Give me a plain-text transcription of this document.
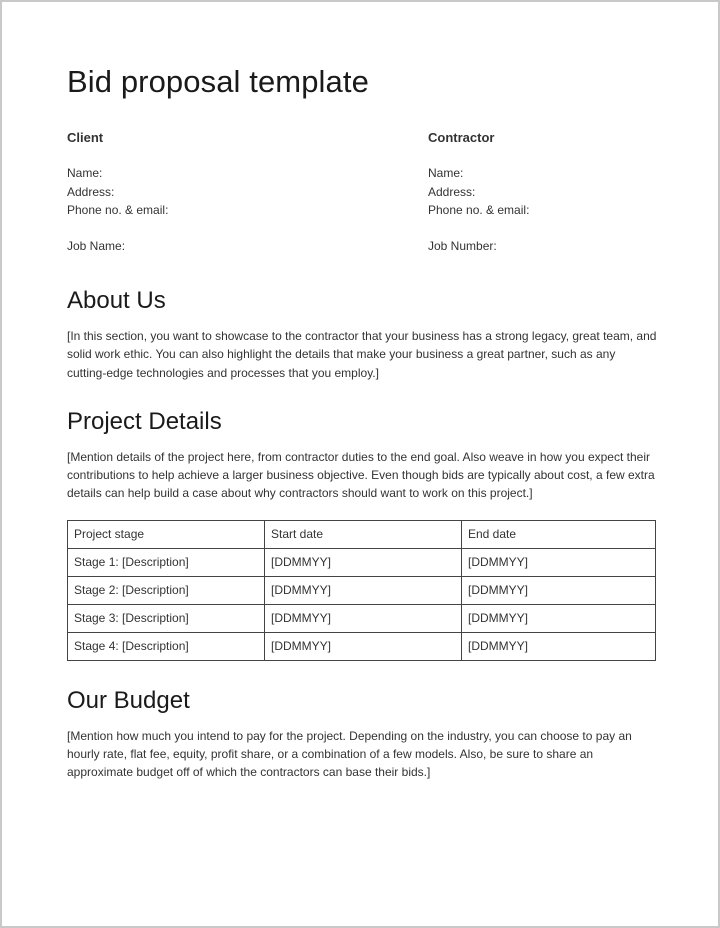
Bid proposal template
Client
Name:
Address:
Phone no. & email:
Job Name:
Contractor
Name:
Address:
Phone no. & email:
Job Number:
About Us

[In this section, you want to showcase to the contractor that your business has a strong legacy, great team, and solid work ethic. You can also highlight the details that make your business a great partner, such as any cutting-edge technologies and processes that you employ.]

Project Details

[Mention details of the project here, from contractor duties to the end goal. Also weave in how you expect their contributions to help achieve a larger business objective. Even though bids are typically about cost, a few extra details can help build a case about why contractors should want to work on this project.]

Project stage	Start date	End date
Stage 1: [Description]	[DDMMYY]	[DDMMYY]
Stage 2: [Description]	[DDMMYY]	[DDMMYY]
Stage 3: [Description]	[DDMMYY]	[DDMMYY]
Stage 4: [Description]	[DDMMYY]	[DDMMYY]
Our Budget

[Mention how much you intend to pay for the project. Depending on the industry, you can choose to pay an hourly rate, flat fee, equity, profit share, or a combination of a few models. Also, be sure to share an approximate budget off of which the contractors can base their bids.]
